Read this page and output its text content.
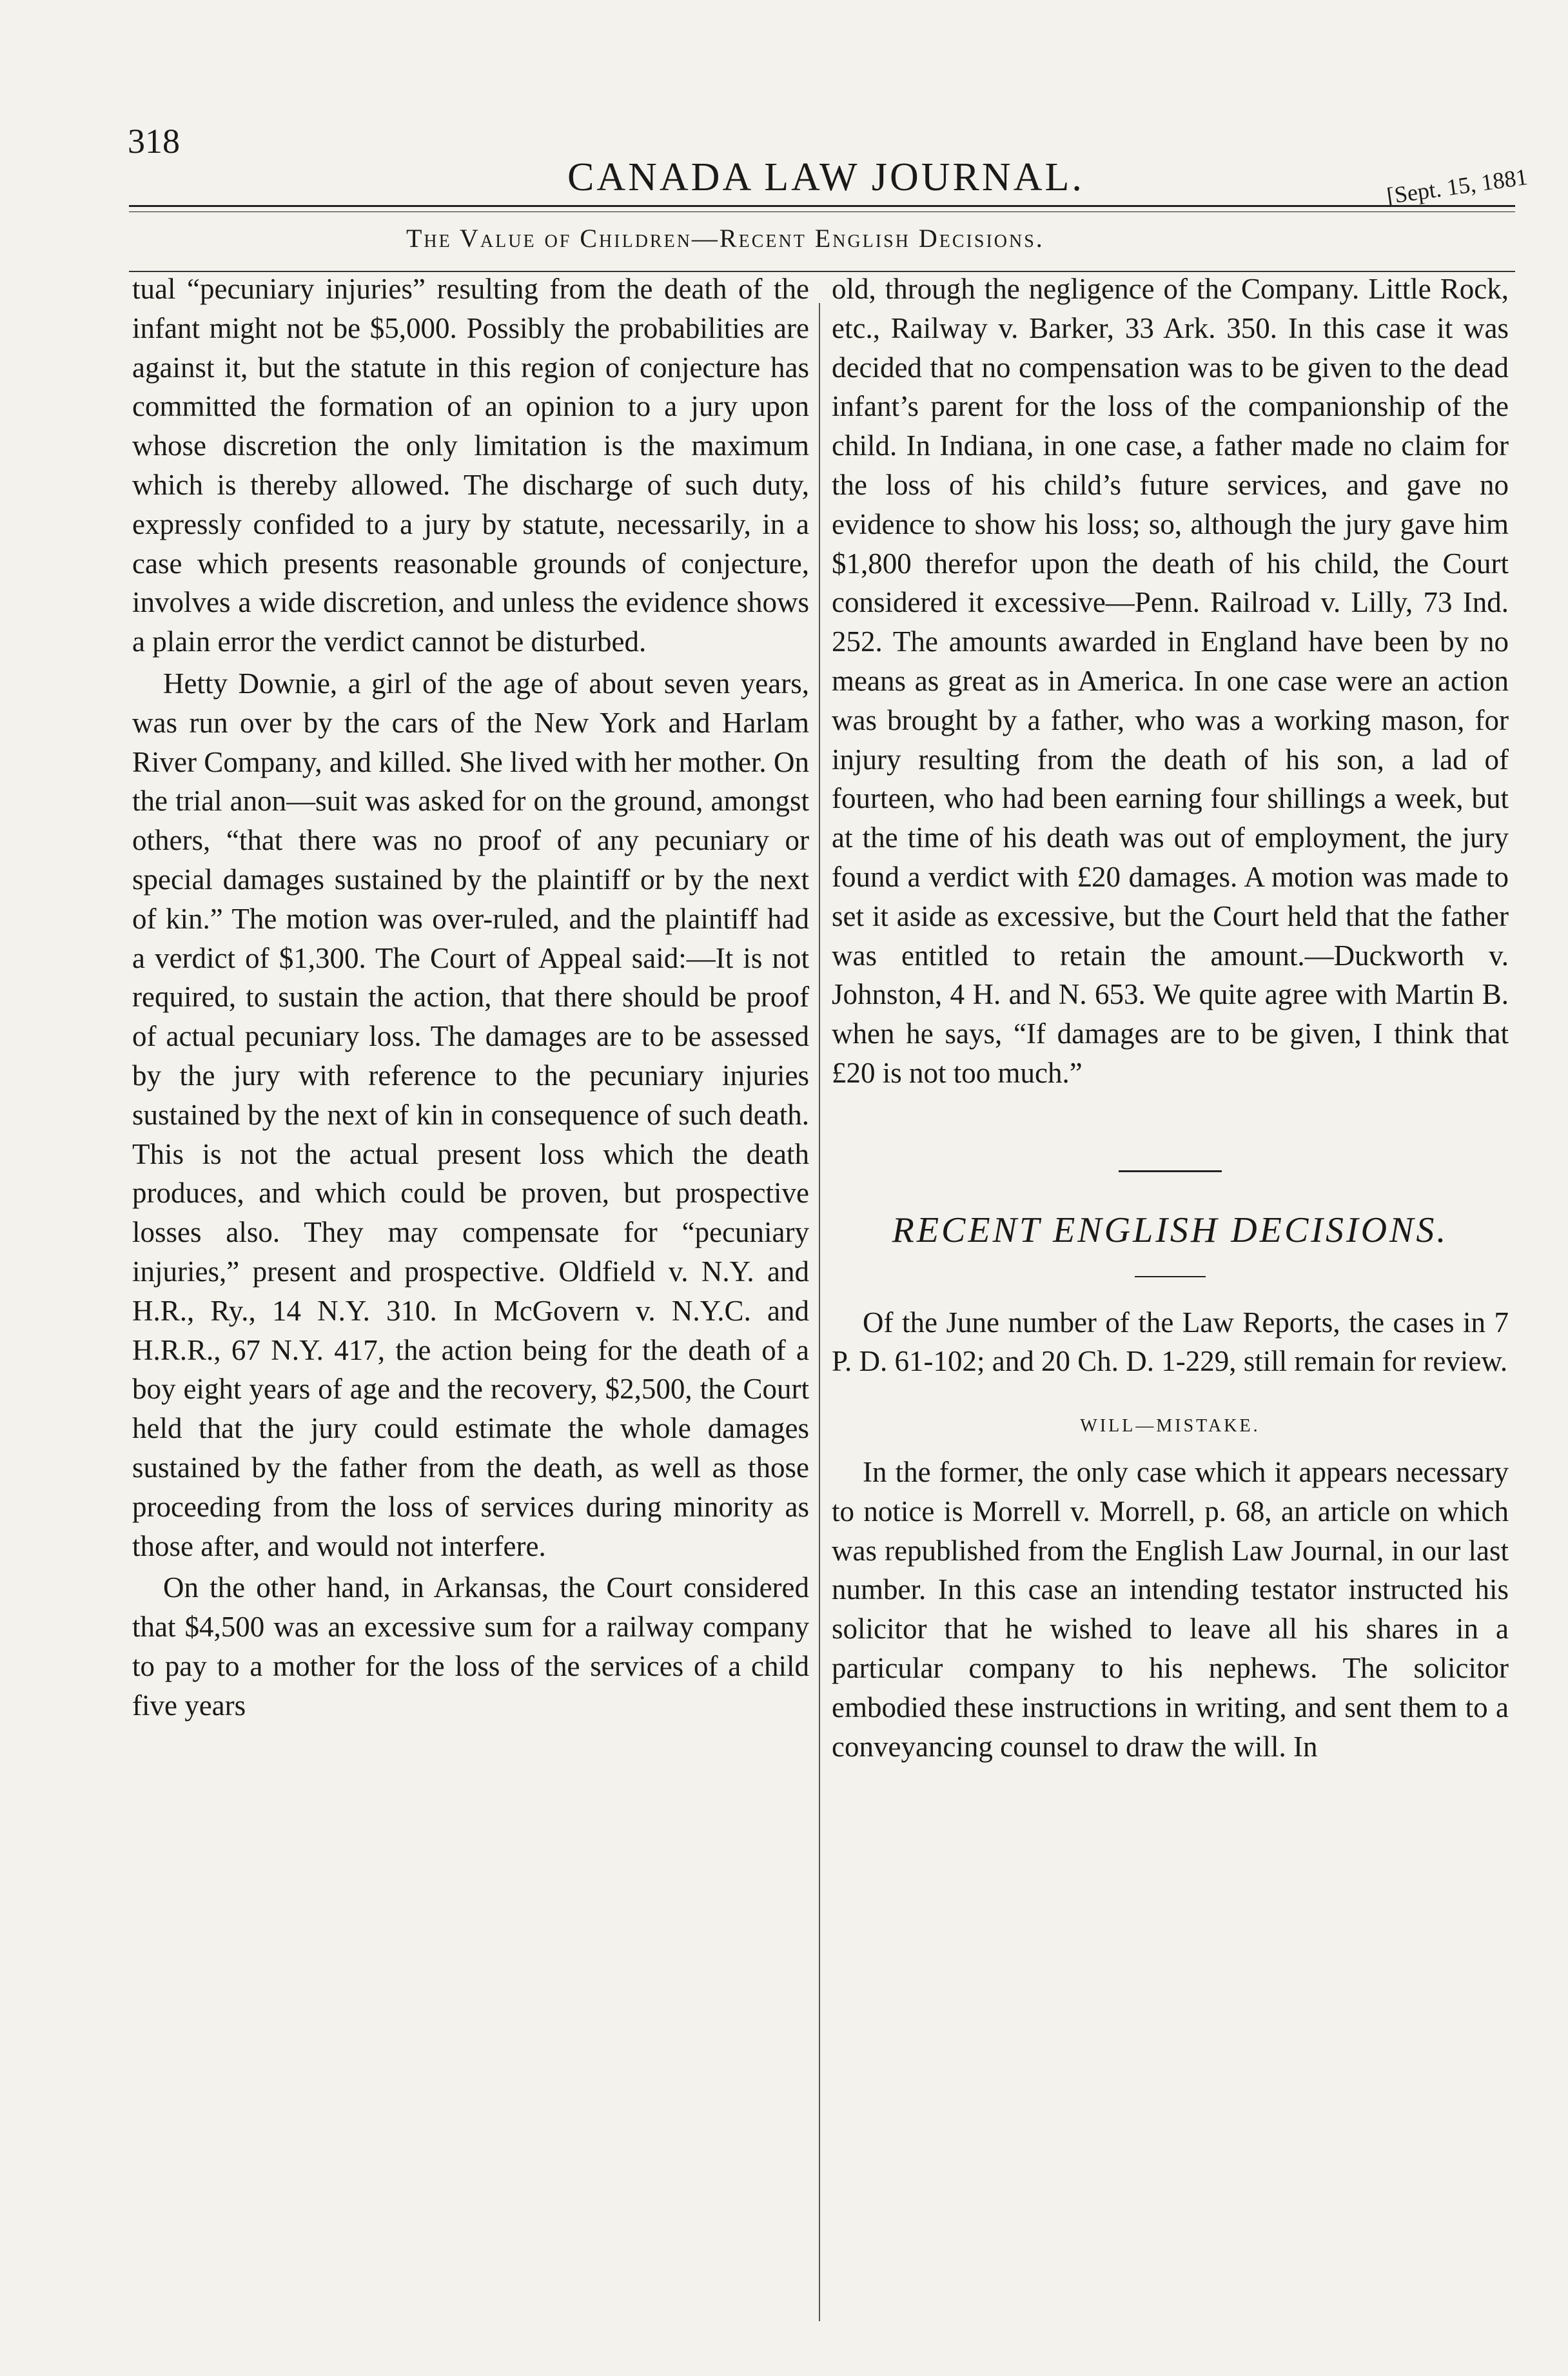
318
CANADA LAW JOURNAL.	[Sept. 15, 1881
The Value of Children—Recent English Decisions.

tual “pecuniary injuries” resulting from the death of the infant might not be $5,000. Possibly the probabilities are against it, but the statute in this region of conjecture has committed the formation of an opinion to a jury upon whose discretion the only limitation is the maximum which is thereby allowed. The discharge of such duty, expressly confided to a jury by statute, necessarily, in a case which presents reasonable grounds of conjecture, involves a wide discretion, and unless the evidence shows a plain error the verdict cannot be disturbed.

Hetty Downie, a girl of the age of about seven years, was run over by the cars of the New York and Harlam River Company, and killed. She lived with her mother. On the trial anon—suit was asked for on the ground, amongst others, “that there was no proof of any pecuniary or special damages sustained by the plaintiff or by the next of kin.” The motion was over-ruled, and the plaintiff had a verdict of $1,300. The Court of Appeal said:—It is not required, to sustain the action, that there should be proof of actual pecuniary loss. The damages are to be assessed by the jury with reference to the pecuniary injuries sustained by the next of kin in consequence of such death. This is not the actual present loss which the death produces, and which could be proven, but prospective losses also. They may compensate for “pecuniary injuries,” present and prospective. Oldfield v. N.Y. and H.R., Ry., 14 N.Y. 310. In McGovern v. N.Y.C. and H.R.R., 67 N.Y. 417, the action being for the death of a boy eight years of age and the recovery, $2,500, the Court held that the jury could estimate the whole damages sustained by the father from the death, as well as those proceeding from the loss of services during minority as those after, and would not interfere.

On the other hand, in Arkansas, the Court considered that $4,500 was an excessive sum for a railway company to pay to a mother for the loss of the services of a child five years

old, through the negligence of the Company. Little Rock, etc., Railway v. Barker, 33 Ark. 350. In this case it was decided that no compensation was to be given to the dead infant’s parent for the loss of the companionship of the child. In Indiana, in one case, a father made no claim for the loss of his child’s future services, and gave no evidence to show his loss; so, although the jury gave him $1,800 therefor upon the death of his child, the Court considered it excessive—Penn. Railroad v. Lilly, 73 Ind. 252. The amounts awarded in England have been by no means as great as in America. In one case were an action was brought by a father, who was a working mason, for injury resulting from the death of his son, a lad of fourteen, who had been earning four shillings a week, but at the time of his death was out of employment, the jury found a verdict with £20 damages. A motion was made to set it aside as excessive, but the Court held that the father was entitled to retain the amount.—Duckworth v. Johnston, 4 H. and N. 653. We quite agree with Martin B. when he says, “If damages are to be given, I think that £20 is not too much.”

RECENT ENGLISH DECISIONS.

Of the June number of the Law Reports, the cases in 7 P. D. 61-102; and 20 Ch. D. 1-229, still remain for review.

WILL—MISTAKE.

In the former, the only case which it appears necessary to notice is Morrell v. Morrell, p. 68, an article on which was republished from the English Law Journal, in our last number. In this case an intending testator instructed his solicitor that he wished to leave all his shares in a particular company to his nephews. The solicitor embodied these instructions in writing, and sent them to a conveyancing counsel to draw the will. In
